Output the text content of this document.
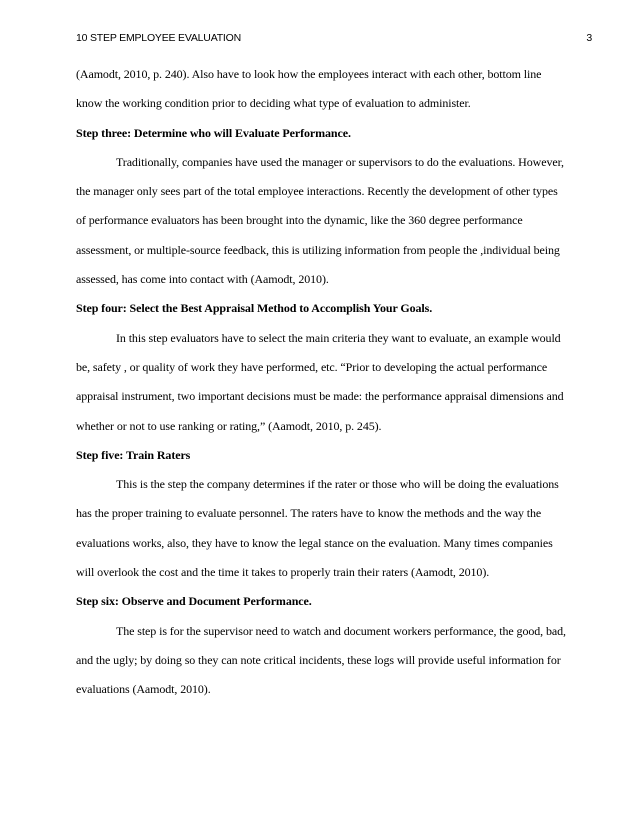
10 STEP EMPLOYEE EVALUATION	3
(Aamodt, 2010, p. 240). Also have to look how the employees interact with each other, bottom line
know the working condition prior to deciding what type of evaluation to administer.
Step three: Determine who will Evaluate Performance.
Traditionally, companies have used the manager or supervisors to do the evaluations. However,
the manager only sees part of the total employee interactions. Recently the development of other types
of performance evaluators has been brought into the dynamic, like the 360 degree performance
assessment, or multiple-source feedback, this is utilizing information from people the ,individual being
assessed, has come into contact with (Aamodt, 2010).
Step four: Select the Best Appraisal Method to Accomplish Your Goals.
In this step evaluators have to select the main criteria they want to evaluate, an example would
be, safety , or quality of work they have performed, etc. “Prior to developing the actual performance
appraisal instrument, two important decisions must be made: the performance appraisal dimensions and
whether or not to use ranking or rating,” (Aamodt, 2010, p. 245).
Step five: Train Raters
This is the step the company determines if the rater or those who will be doing the evaluations
has the proper training to evaluate personnel. The raters have to know the methods and the way the
evaluations works, also, they have to know the legal stance on the evaluation. Many times companies
will overlook the cost and the time it takes to properly train their raters (Aamodt, 2010).
Step six: Observe and Document Performance.
The step is for the supervisor need to watch and document workers performance, the good, bad,
and the ugly; by doing so they can note critical incidents, these logs will provide useful information for
evaluations (Aamodt, 2010).
